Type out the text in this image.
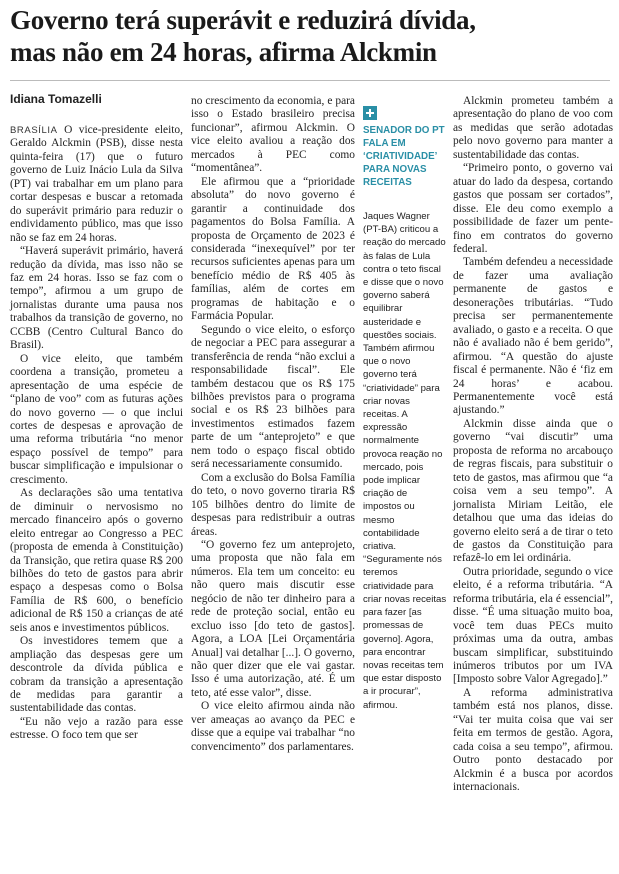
Governo terá superávit e reduzirá dívida,
mas não em 24 horas, afirma Alckmin
Idiana Tomazelli

BRASÍLIA O vice-presidente eleito, Geraldo Alckmin (PSB), disse nesta quinta-feira (17) que o futuro governo de Luiz Inácio Lula da Silva (PT) vai trabalhar em um plano para cortar despesas e buscar a retomada do superávit primário para reduzir o endividamento público, mas que isso não se faz em 24 horas.

“Haverá superávit primário, haverá redução da dívida, mas isso não se faz em 24 horas. Isso se faz com o tempo”, afirmou a um grupo de jornalistas durante uma pausa nos trabalhos da transição de governo, no CCBB (Centro Cultural Banco do Brasil).

O vice eleito, que também coordena a transição, prometeu a apresentação de uma espécie de “plano de voo” com as futuras ações do novo governo — o que inclui cortes de despesas e aprovação de uma reforma tributária “no menor espaço possível de tempo” para buscar simplificação e impulsionar o crescimento.

As declarações são uma tentativa de diminuir o nervosismo no mercado financeiro após o governo eleito entregar ao Congresso a PEC (proposta de emenda à Constituição) da Transição, que retira quase R$ 200 bilhões do teto de gastos para abrir espaço a despesas como o Bolsa Família de R$ 600, o benefício adicional de R$ 150 a crianças de até seis anos e investimentos públicos.

Os investidores temem que a ampliação das despesas gere um descontrole da dívida pública e cobram da transição a apresentação de medidas para garantir a sustentabilidade das contas.

“Eu não vejo a razão para esse estresse. O foco tem que ser

no crescimento da economia, e para isso o Estado brasileiro precisa funcionar”, afirmou Alckmin. O vice eleito avaliou a reação dos mercados à PEC como “momentânea”.

Ele afirmou que a “prioridade absoluta” do novo governo é garantir a continuidade dos pagamentos do Bolsa Família. A proposta de Orçamento de 2023 é considerada “inexequível” por ter recursos suficientes apenas para um benefício médio de R$ 405 às famílias, além de cortes em programas de habitação e o Farmácia Popular.

Segundo o vice eleito, o esforço de negociar a PEC para assegurar a transferência de renda “não exclui a responsabilidade fiscal”. Ele também destacou que os R$ 175 bilhões previstos para o programa social e os R$ 23 bilhões para investimentos estimados fazem parte de um “anteprojeto” e que nem todo o espaço fiscal obtido será necessariamente consumido.

Com a exclusão do Bolsa Família do teto, o novo governo tiraria R$ 105 bilhões dentro do limite de despesas para redistribuir a outras áreas.

“O governo fez um anteprojeto, uma proposta que não fala em números. Ela tem um conceito: eu não quero mais discutir esse negócio de não ter dinheiro para a rede de proteção social, então eu excluo isso [do teto de gastos]. Agora, a LOA [Lei Orçamentária Anual] vai detalhar [...]. O governo, não quer dizer que ele vai gastar. Isso é uma autorização, até. É um teto, até esse valor”, disse.

O vice eleito afirmou ainda não ver ameaças ao avanço da PEC e disse que a equipe vai trabalhar “no convencimento” dos parlamentares.

SENADOR DO PT FALA EM ‘CRIATIVIDADE’ PARA NOVAS RECEITAS

Jaques Wagner (PT-BA) criticou a reação do mercado às falas de Lula contra o teto fiscal e disse que o novo governo saberá equilibrar austeridade e questões sociais. Também afirmou que o novo governo terá “criatividade” para criar novas receitas. A expressão normalmente provoca reação no mercado, pois pode implicar criação de impostos ou mesmo contabilidade criativa.

“Seguramente nós teremos criatividade para criar novas receitas para fazer [as promessas de governo]. Agora, para encontrar novas receitas tem que estar disposto a ir procurar”, afirmou.

Alckmin prometeu também a apresentação do plano de voo com as medidas que serão adotadas pelo novo governo para manter a sustentabilidade das contas.

“Primeiro ponto, o governo vai atuar do lado da despesa, cortando gastos que possam ser cortados”, disse. Ele deu como exemplo a possibilidade de fazer um pente-fino em contratos do governo federal.

Também defendeu a necessidade de fazer uma avaliação permanente de gastos e desonerações tributárias. “Tudo precisa ser permanentemente avaliado, o gasto e a receita. O que não é avaliado não é bem gerido”, afirmou. “A questão do ajuste fiscal é permanente. Não é ‘fiz em 24 horas’ e acabou. Permanentemente você está ajustando.”

Alckmin disse ainda que o governo “vai discutir” uma proposta de reforma no arcabouço de regras fiscais, para substituir o teto de gastos, mas afirmou que “a coisa vem a seu tempo”. A jornalista Miriam Leitão, ele detalhou que uma das ideias do governo eleito será a de tirar o teto de gastos da Constituição para refazê-lo em lei ordinária.

Outra prioridade, segundo o vice eleito, é a reforma tributária. “A reforma tributária, ela é essencial”, disse. “É uma situação muito boa, você tem duas PECs muito próximas uma da outra, ambas buscam simplificar, substituindo inúmeros tributos por um IVA [Imposto sobre Valor Agregado].”

A reforma administrativa também está nos planos, disse. “Vai ter muita coisa que vai ser feita em termos de gestão. Agora, cada coisa a seu tempo”, afirmou. Outro ponto destacado por Alckmin é a busca por acordos internacionais.
